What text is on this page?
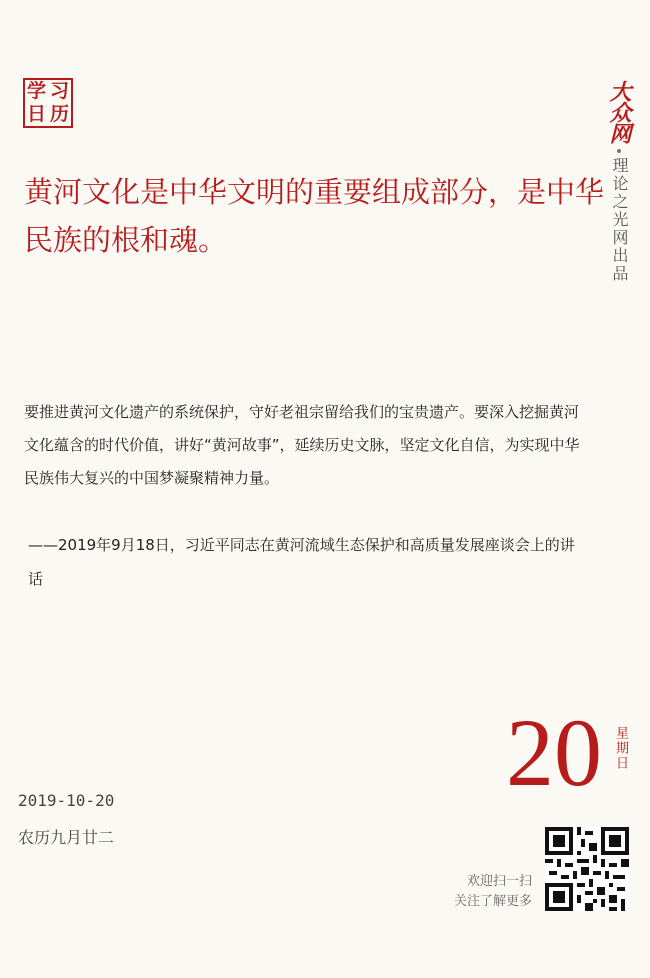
学 习
日 历	大众网
理论之光网出品
黄河文化是中华文明的重要组成部分，是中华民族的根和魂。

要推进黄河文化遗产的系统保护，守好老祖宗留给我们的宝贵遗产。要深入挖掘黄河文化蕴含的时代价值，讲好“黄河故事”，延续历史文脉，坚定文化自信，为实现中华民族伟大复兴的中国梦凝聚精神力量。

——2019年9月18日，习近平同志在黄河流域生态保护和高质量发展座谈会上的讲话

20 星期日
2019-10-20
农历九月廿二
欢迎扫一扫
关注了解更多
